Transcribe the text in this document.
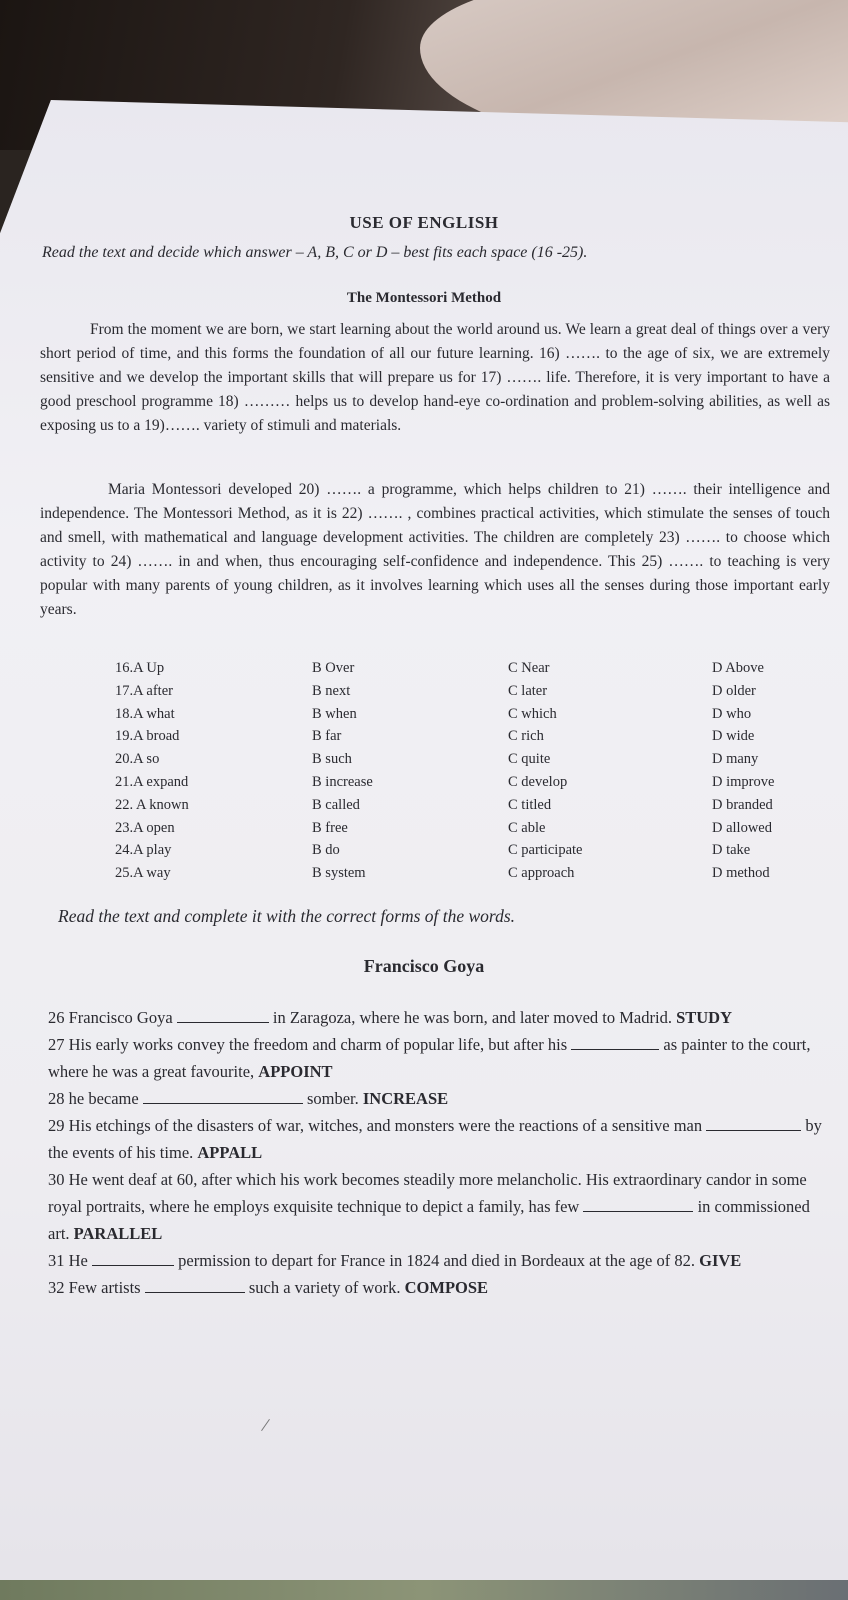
USE OF ENGLISH
Read the text and decide which answer – A, B, C or D – best fits each space (16 -25).
The Montessori Method
From the moment we are born, we start learning about the world around us. We learn a great deal of things over a very short period of time, and this forms the foundation of all our future learning. 16) ……. to the age of six, we are extremely sensitive and we develop the important skills that will prepare us for 17) ……. life. Therefore, it is very important to have a good preschool programme 18) ……… helps us to develop hand-eye co-ordination and problem-solving abilities, as well as exposing us to a 19)……. variety of stimuli and materials.
Maria Montessori developed 20) ……. a programme, which helps children to 21) ……. their intelligence and independence. The Montessori Method, as it is 22) ……. , combines practical activities, which stimulate the senses of touch and smell, with mathematical and language development activities. The children are completely 23) ……. to choose which activity to 24) ……. in and when, thus encouraging self-confidence and independence. This 25) ……. to teaching is very popular with many parents of young children, as it involves learning which uses all the senses during those important early years.
16.A Up	B Over	C Near	D Above
17.A after	B next	C later	D older
18.A what	B when	C which	D who
19.A broad	B far	C rich	D wide
20.A so	B such	C quite	D many
21.A expand	B increase	C develop	D improve
22. A known	B called	C titled	D branded
23.A open	B free	C able	D allowed
24.A play	B do	C participate	D take
25.A way	B system	C approach	D method
Read the text and complete it with the correct forms of the words.
Francisco Goya
26 Francisco Goya	in Zaragoza, where he was born, and later moved to Madrid. STUDY
27 His early works convey the freedom and charm of popular life, but after his	as painter to the court, where he was a great favourite, APPOINT
28 he became	somber. INCREASE
29 His etchings of the disasters of war, witches, and monsters were the reactions of a sensitive man	by the events of his time. APPALL
30 He went deaf at 60, after which his work becomes steadily more melancholic. His extraordinary candor in some royal portraits, where he employs exquisite technique to depict a family, has few	in commissioned art. PARALLEL
31 He	permission to depart for France in 1824 and died in Bordeaux at the age of 82. GIVE
32 Few artists	such a variety of work. COMPOSE
